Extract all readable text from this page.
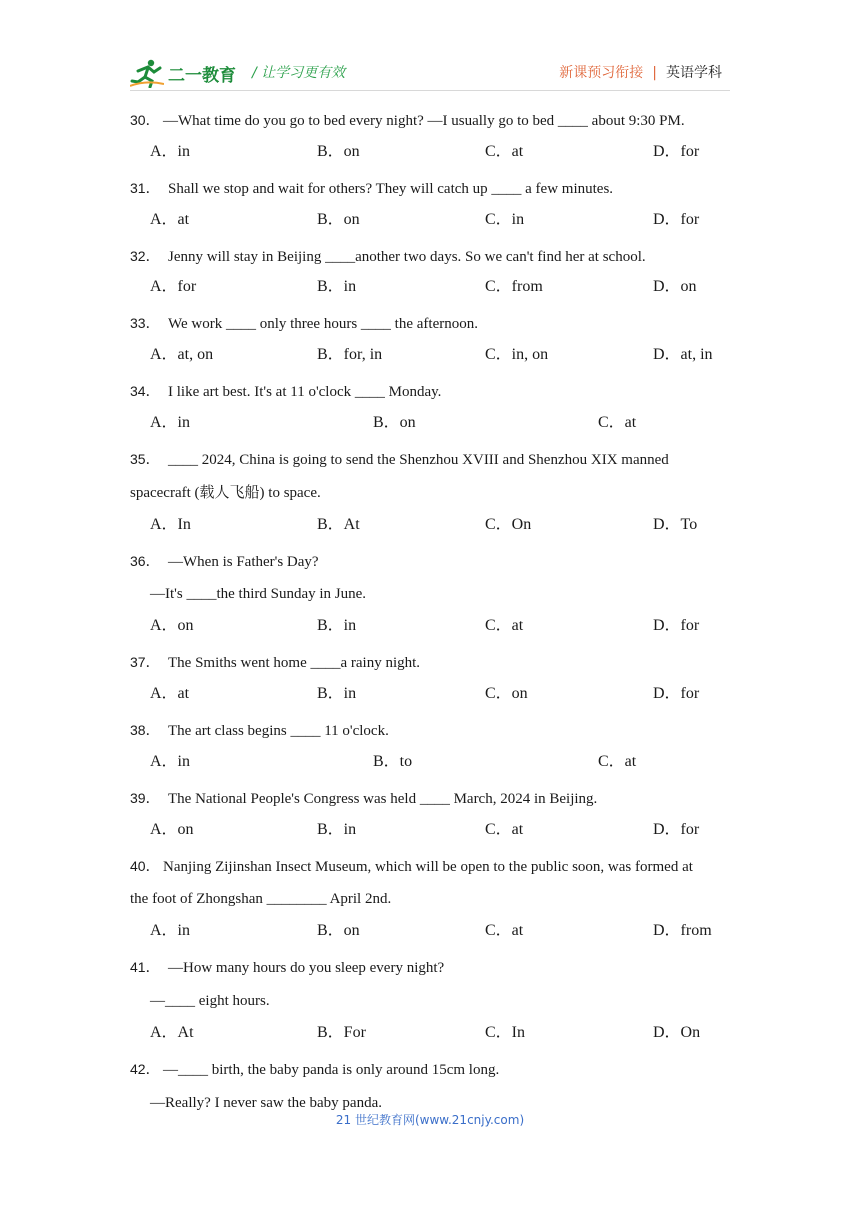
二一教育 / 让学习更有效	新课预习衔接 | 英语学科
30． —What time do you go to bed every night? —I usually go to bed ____ about 9:30 PM.
A．in	B．on	C．at	D．for
31． Shall we stop and wait for others? They will catch up ____ a few minutes.
A．at	B．on	C．in	D．for
32． Jenny will stay in Beijing ____another two days. So we can't find her at school.
A．for	B．in	C．from	D．on
33． We work ____ only three hours ____ the afternoon.
A．at, on	B．for, in	C．in, on	D．at, in
34． I like art best. It's at 11 o'clock ____ Monday.
A．in	B．on	C．at
35． ____ 2024, China is going to send the Shenzhou XVIII and Shenzhou XIX manned
spacecraft (载人飞船) to space.
A．In	B．At	C．On	D．To
36． —When is Father's Day?
—It's ____the third Sunday in June.
A．on	B．in	C．at	D．for
37． The Smiths went home ____a rainy night.
A．at	B．in	C．on	D．for
38． The art class begins ____ 11 o'clock.
A．in	B．to	C．at
39． The National People's Congress was held ____ March, 2024 in Beijing.
A．on	B．in	C．at	D．for
40． Nanjing Zijinshan Insect Museum, which will be open to the public soon, was formed at
the foot of Zhongshan ________ April 2nd.
A．in	B．on	C．at	D．from
41． —How many hours do you sleep every night?
—____ eight hours.
A．At	B．For	C．In	D．On
42． —____ birth, the baby panda is only around 15cm long.
—Really? I never saw the baby panda.
21 世纪教育网(www.21cnjy.com)
